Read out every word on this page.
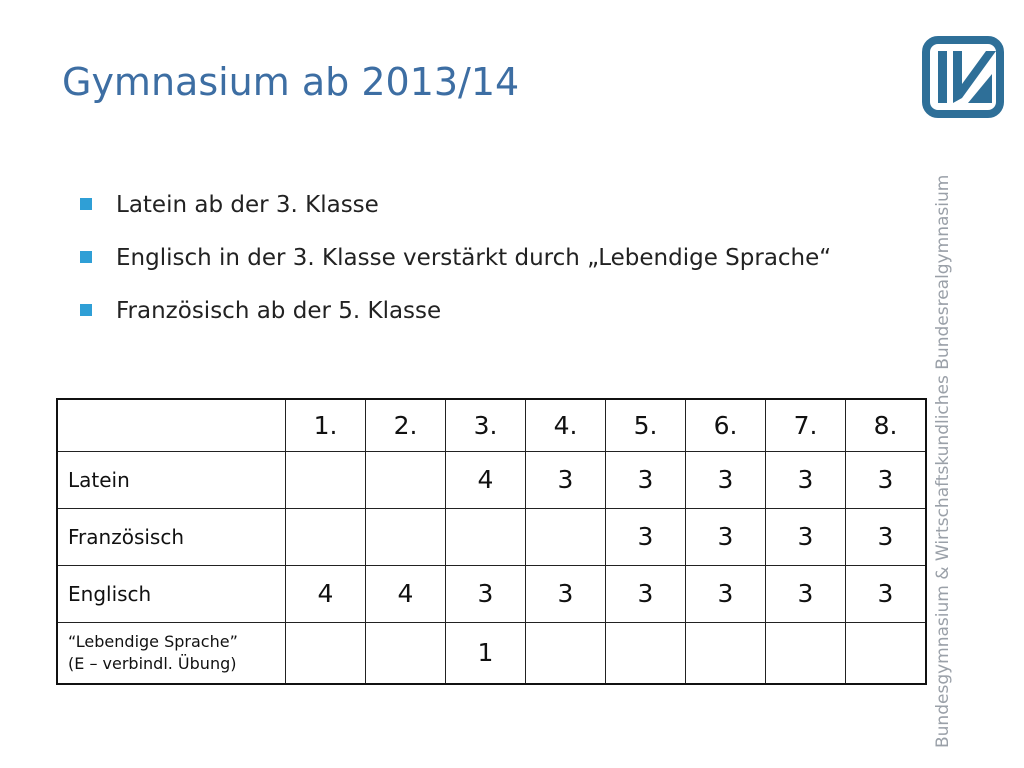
Gymnasium ab 2013/14
Latein ab der 3. Klasse
Englisch in der 3. Klasse verstärkt durch „Lebendige Sprache“
Französisch ab der 5. Klasse
	1.	2.	3.	4.	5.	6.	7.	8.
Latein			4	3	3	3	3	3
Französisch					3	3	3	3
Englisch	4	4	3	3	3	3	3	3
“Lebendige Sprache”
(E – verbindl. Übung)			1						Bundesgymnasium & Wirtschaftskundliches Bundesrealgymnasium
